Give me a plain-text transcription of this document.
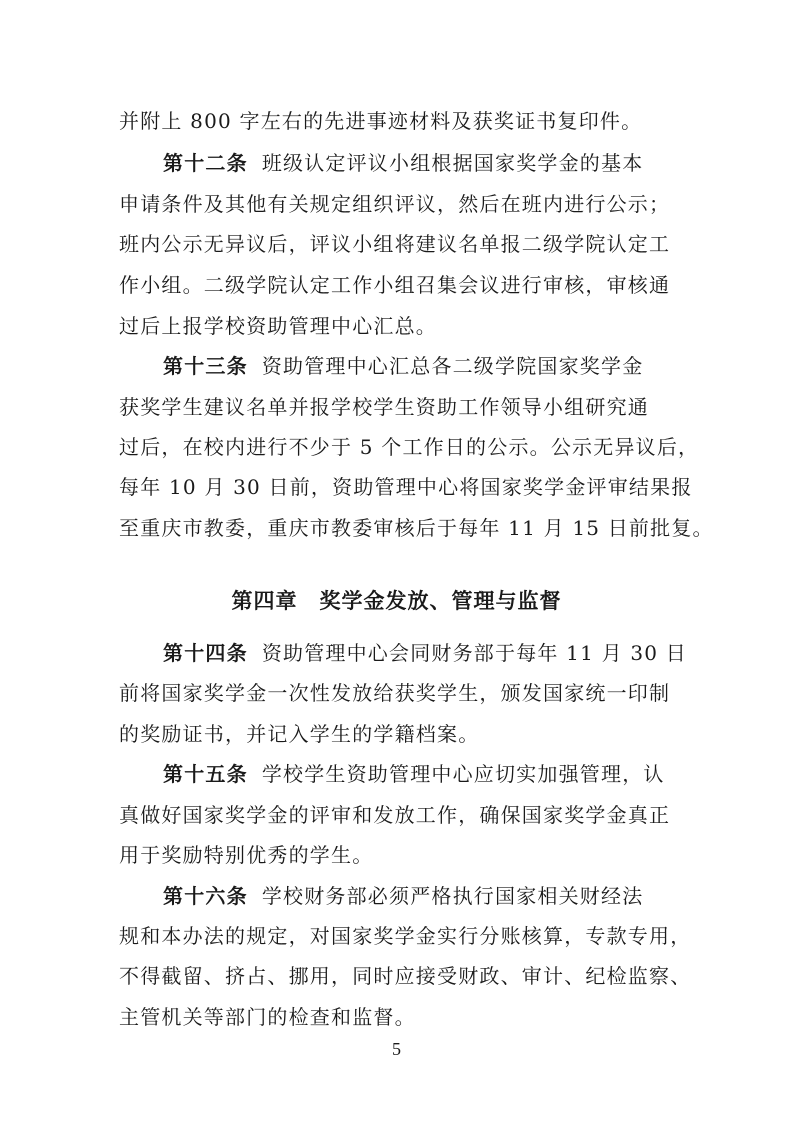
并附上 800 字左右的先进事迹材料及获奖证书复印件。
第十二条 班级认定评议小组根据国家奖学金的基本
申请条件及其他有关规定组织评议，然后在班内进行公示；
班内公示无异议后，评议小组将建议名单报二级学院认定工
作小组。二级学院认定工作小组召集会议进行审核，审核通
过后上报学校资助管理中心汇总。
第十三条 资助管理中心汇总各二级学院国家奖学金
获奖学生建议名单并报学校学生资助工作领导小组研究通
过后，在校内进行不少于 5 个工作日的公示。公示无异议后，
每年 10 月 30 日前，资助管理中心将国家奖学金评审结果报
至重庆市教委，重庆市教委审核后于每年 11 月 15 日前批复。
第四章　奖学金发放、管理与监督
第十四条 资助管理中心会同财务部于每年 11 月 30 日
前将国家奖学金一次性发放给获奖学生，颁发国家统一印制
的奖励证书，并记入学生的学籍档案。
第十五条 学校学生资助管理中心应切实加强管理，认
真做好国家奖学金的评审和发放工作，确保国家奖学金真正
用于奖励特别优秀的学生。
第十六条 学校财务部必须严格执行国家相关财经法
规和本办法的规定，对国家奖学金实行分账核算，专款专用，
不得截留、挤占、挪用，同时应接受财政、审计、纪检监察、
主管机关等部门的检查和监督。
5
